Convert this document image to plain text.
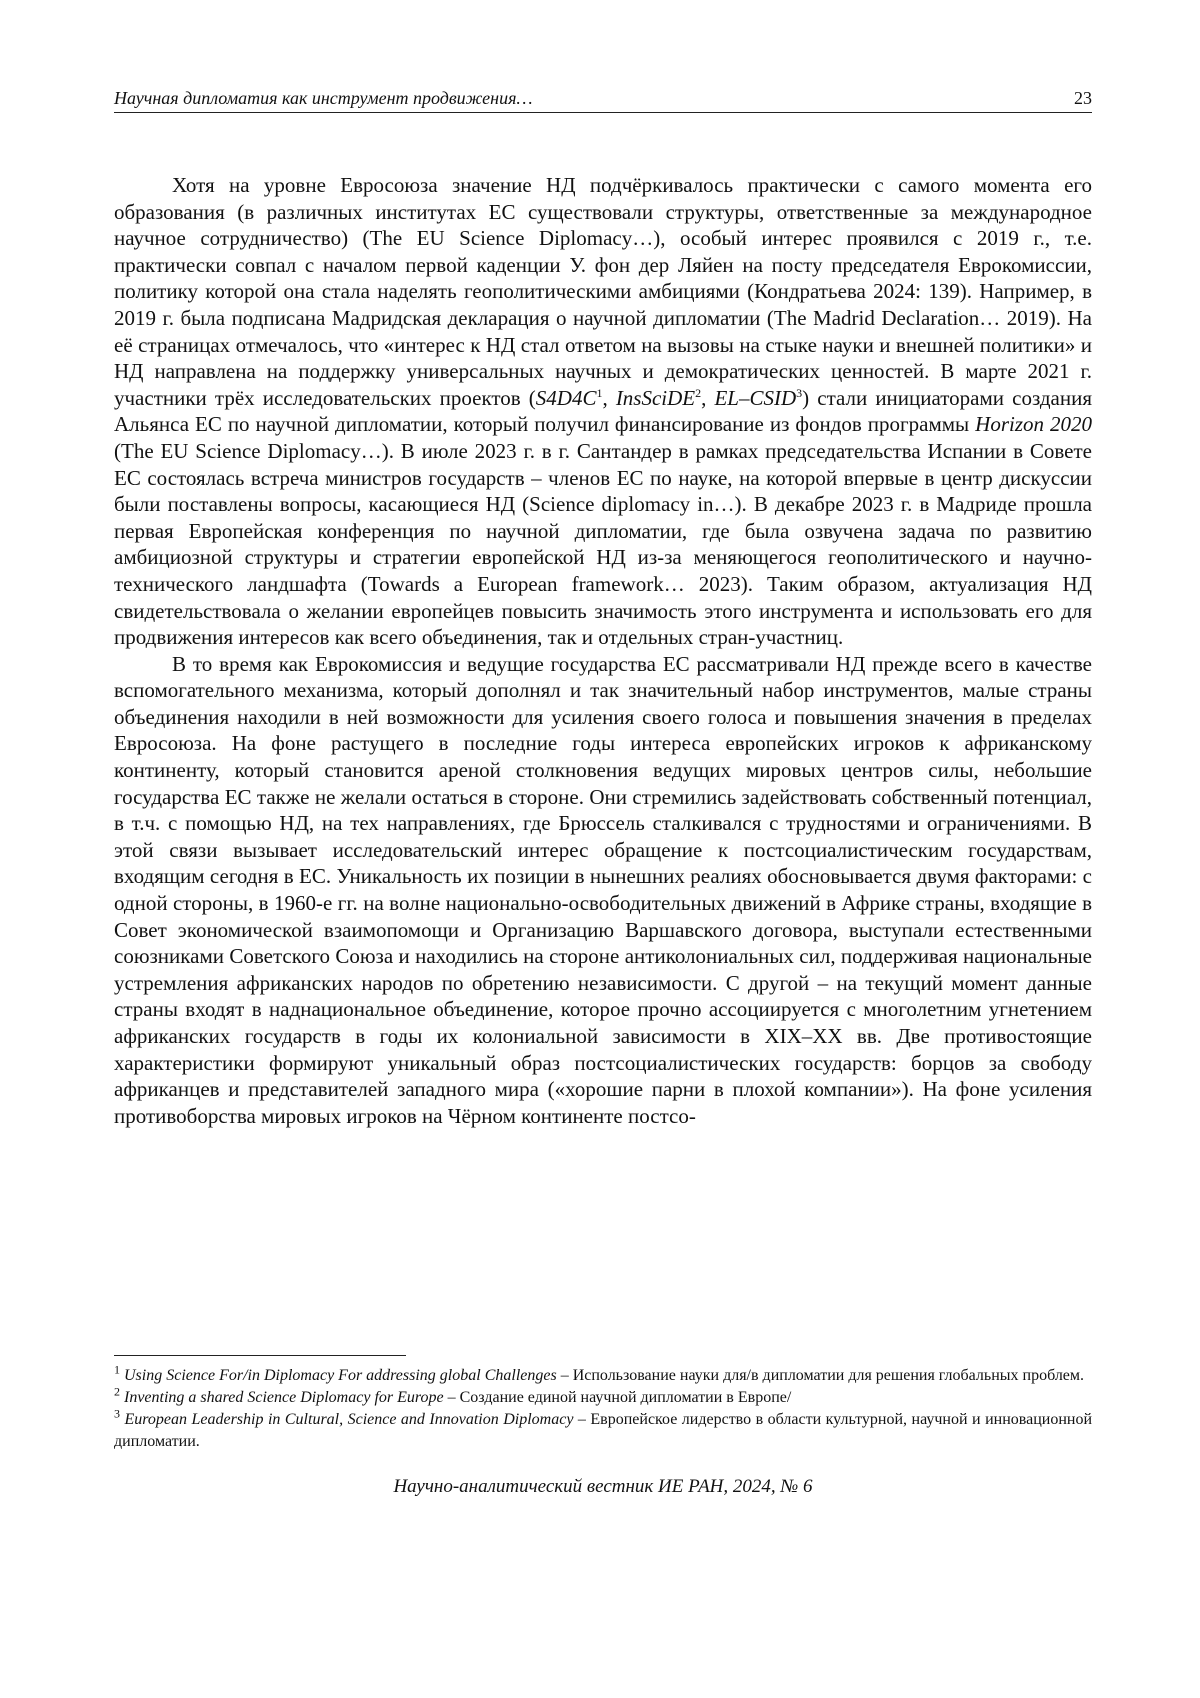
Научная дипломатия как инструмент продвижения…	23

Хотя на уровне Евросоюза значение НД подчёркивалось практически с самого момента его образования (в различных институтах ЕС существовали структуры, ответственные за международное научное сотрудничество) (The EU Science Diplomacy…), особый интерес проявился с 2019 г., т.е. практически совпал с началом первой каденции У. фон дер Ляйен на посту председателя Еврокомиссии, политику которой она стала наделять геополитическими амбициями (Кондратьева 2024: 139). Например, в 2019 г. была подписана Мадридская декларация о научной дипломатии (The Madrid Declaration… 2019). На её страницах отмечалось, что «интерес к НД стал ответом на вызовы на стыке науки и внешней политики» и НД направлена на поддержку универсальных научных и демократических ценностей. В марте 2021 г. участники трёх исследовательских проектов ($S4D4C^1$, InsSciDE$^2$, EL–CSID$^3$) стали инициаторами создания Альянса ЕС по научной дипломатии, который получил финансирование из фондов программы Horizon 2020 (The EU Science Diplomacy…). В июле 2023 г. в г. Сантандер в рамках председательства Испании в Совете ЕС состоялась встреча министров государств – членов ЕС по науке, на которой впервые в центр дискуссии были поставлены вопросы, касающиеся НД (Science diplomacy in…). В декабре 2023 г. в Мадриде прошла первая Европейская конференция по научной дипломатии, где была озвучена задача по развитию амбициозной структуры и стратегии европейской НД из-за меняющегося геополитического и научно-технического ландшафта (Towards a European framework… 2023). Таким образом, актуализация НД свидетельствовала о желании европейцев повысить значимость этого инструмента и использовать его для продвижения интересов как всего объединения, так и отдельных стран-участниц.

В то время как Еврокомиссия и ведущие государства ЕС рассматривали НД прежде всего в качестве вспомогательного механизма, который дополнял и так значительный набор инструментов, малые страны объединения находили в ней возможности для усиления своего голоса и повышения значения в пределах Евросоюза. На фоне растущего в последние годы интереса европейских игроков к африканскому континенту, который становится ареной столкновения ведущих мировых центров силы, небольшие государства ЕС также не желали остаться в стороне. Они стремились задействовать собственный потенциал, в т.ч. с помощью НД, на тех направлениях, где Брюссель сталкивался с трудностями и ограничениями. В этой связи вызывает исследовательский интерес обращение к постсоциалистическим государствам, входящим сегодня в ЕС. Уникальность их позиции в нынешних реалиях обосновывается двумя факторами: с одной стороны, в 1960-е гг. на волне национально-освободительных движений в Африке страны, входящие в Совет экономической взаимопомощи и Организацию Варшавского договора, выступали естественными союзниками Советского Союза и находились на стороне антиколониальных сил, поддерживая национальные устремления африканских народов по обретению независимости. С другой – на текущий момент данные страны входят в наднациональное объединение, которое прочно ассоциируется с многолетним угнетением африканских государств в годы их колониальной зависимости в XIX–XX вв. Две противостоящие характеристики формируют уникальный образ постсоциалистических государств: борцов за свободу африканцев и представителей западного мира («хорошие парни в плохой компании»). На фоне усиления противоборства мировых игроков на Чёрном континенте постсо-

$^1$ Using Science For/in Diplomacy For addressing global Challenges – Использование науки для/в дипломатии для решения глобальных проблем.

$^2$ Inventing a shared Science Diplomacy for Europe – Создание единой научной дипломатии в Европе/

$^3$ European Leadership in Cultural, Science and Innovation Diplomacy – Европейское лидерство в области культурной, научной и инновационной дипломатии.

Научно-аналитический вестник ИЕ РАН, 2024, № 6
